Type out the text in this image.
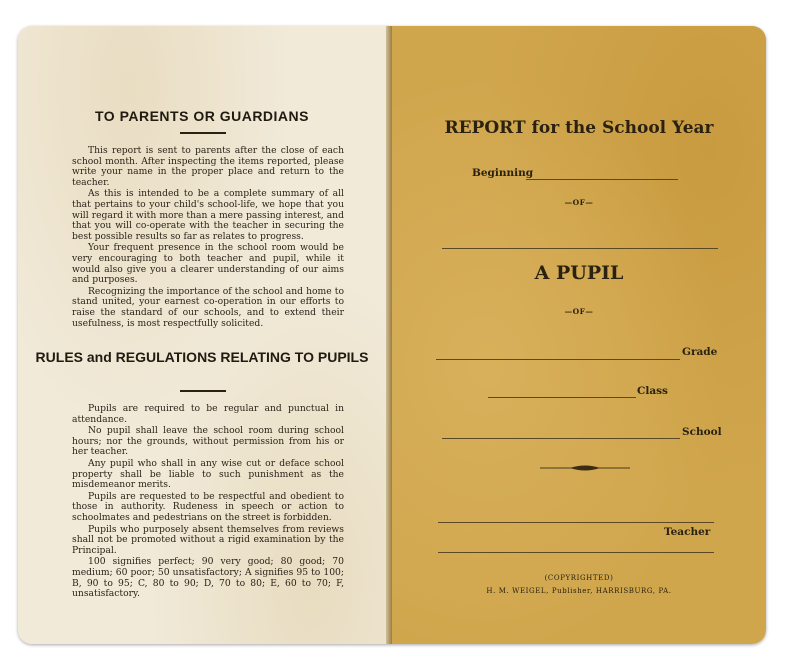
TO PARENTS OR GUARDIANS

This report is sent to parents after the close of each school month. After inspecting the items reported, please write your name in the proper place and return to the teacher.

As this is intended to be a complete summary of all that pertains to your child's school-life, we hope that you will regard it with more than a mere passing interest, and that you will co-operate with the teacher in securing the best possible results so far as relates to progress.

Your frequent presence in the school room would be very encouraging to both teacher and pupil, while it would also give you a clearer understanding of our aims and purposes.

Recognizing the importance of the school and home to stand united, your earnest co-operation in our efforts to raise the standard of our schools, and to extend their usefulness, is most respectfully solicited.

RULES and REGULATIONS RELATING TO PUPILS

Pupils are required to be regular and punctual in attendance.

No pupil shall leave the school room during school hours; nor the grounds, without permission from his or her teacher.

Any pupil who shall in any wise cut or deface school property shall be liable to such punishment as the misdemeanor merits.

Pupils are requested to be respectful and obedient to those in authority. Rudeness in speech or action to schoolmates and pedestrians on the street is forbidden.

Pupils who purposely absent themselves from reviews shall not be promoted without a rigid examination by the Principal.

100 signifies perfect; 90 very good; 80 good; 70 medium; 60 poor; 50 unsatisfactory; A signifies 95 to 100; B, 90 to 95; C, 80 to 90; D, 70 to 80; E, 60 to 70; F, unsatisfactory.

REPORT for the School Year
Beginning
—OF—
A PUPIL
—OF—
Grade
Class
School
Teacher
(COPYRIGHTED)
H. M. WEIGEL, Publisher, HARRISBURG, PA.
